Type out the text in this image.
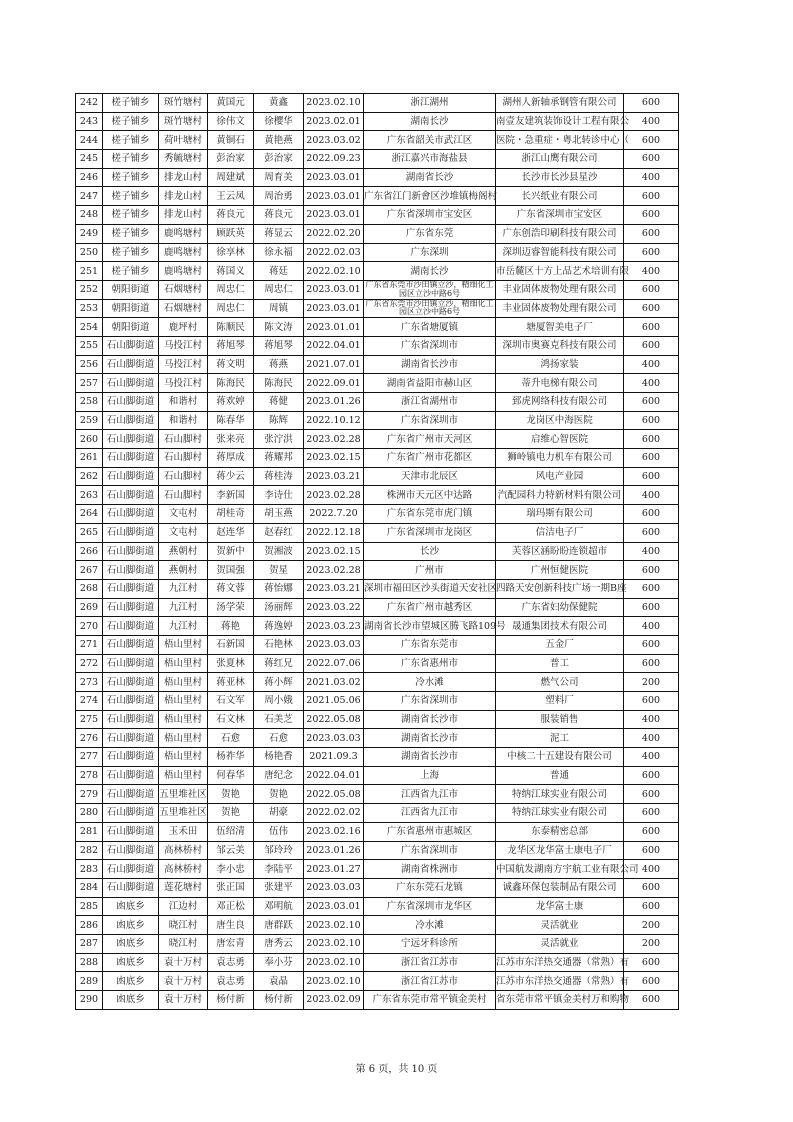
242	槎子铺乡	斑竹塘村	黄国元	黄鑫	2023.02.10	浙江湖州	湖州人新轴承钢管有限公司	600
243	槎子铺乡	斑竹塘村	徐伟文	徐樱华	2023.02.01	湖南长沙	南壹友建筑装饰设计工程有限公	400
244	槎子铺乡	荷叶塘村	黄铜石	黄艳燕	2023.03.02	广东省韶关市武江区	医院・急重症・粤北转诊中心（	600
245	槎子铺乡	秀毓塘村	彭治家	彭治家	2022.09.23	浙江嘉兴市海盐县	浙江山鹰有限公司	600
246	槎子铺乡	排龙山村	周建斌	周育美	2023.03.01	湖南省长沙	长沙市长沙县星沙	400
247	槎子铺乡	排龙山村	王云凤	周治勇	2023.03.01	广东省江门新會区沙堆镇梅阁村	长兴纸业有限公司	600
248	槎子铺乡	排龙山村	蒋良元	蒋良元	2023.03.01	广东省深圳市宝安区	广东省深圳市宝安区	600
249	槎子铺乡	鹿鸣塘村	顾跃英	蒋显云	2022.02.20	广东省东莞	广东创浩印刷科技有限公司	600
250	槎子铺乡	鹿鸣塘村	徐享林	徐永福	2022.02.03	广东深圳	深圳迈睿智能科技有限公司	600
251	槎子铺乡	鹿鸣塘村	蒋国义	蒋廷	2022.02.10	湖南长沙	市岳麓区十方上品艺术培训有限	400
252	朝阳街道	石烟塘村	周忠仁	周忠仁	2023.03.01	广东省东莞市沙田镇立沙，精细化工园区立沙中路6号	丰业固体废物处理有限公司	600
253	朝阳街道	石烟塘村	周忠仁	周镇	2023.03.01	广东省东莞市沙田镇立沙，精细化工园区立沙中路6号	丰业固体废物处理有限公司	600
254	朝阳街道	鹿坪村	陈顺民	陈文涛	2023.01.01	广东省塘厦镇	塘厦智美电子厂	600
255	石山脚街道	马投江村	蒋旭琴	蒋旭琴	2022.04.01	广东省深圳市	深圳市奥赛克科技有限公司	600
256	石山脚街道	马投江村	蒋文明	蒋燕	2021.07.01	湖南省长沙市	鸿扬家装	400
257	石山脚街道	马投江村	陈海民	陈海民	2022.09.01	湖南省益阳市赫山区	蒂升电梯有限公司	400
258	石山脚街道	和谐村	蒋欢婷	蒋健	2023.01.26	浙江省湖州市	郅虎网络科技有限公司	600
259	石山脚街道	和谐村	陈春华	陈辉	2022.10.12	广东省深圳市	龙岗区中海医院	600
260	石山脚街道	石山脚村	张来亮	张泞洪	2023.02.28	广东省广州市天河区	启维心智医院	600
261	石山脚街道	石山脚村	蒋厚成	蒋耀邦	2023.02.15	广东省广州市花都区	狮岭镇电力机车有限公司	600
262	石山脚街道	石山脚村	蒋少云	蒋桂涛	2023.03.21	天津市北辰区	风电产业园	600
263	石山脚街道	石山脚村	李新国	李诗仕	2023.02.28	株洲市天元区中达路	汽配园科力特新材料有限公司	400
264	石山脚街道	文屯村	胡桂奇	胡玉燕	2022.7.20	广东省东莞市虎门镇	瑞玛斯有限公司	600
265	石山脚街道	文屯村	赵连华	赵春红	2022.12.18	广东省深圳市龙岗区	信洁电子厂	600
266	石山脚街道	燕朝村	贺新中	贺湘波	2023.02.15	长沙	芙蓉区涵盼盼连锁超市	400
267	石山脚街道	燕朝村	贺国强	贺星	2023.02.28	广州市	广州恒健医院	600
268	石山脚街道	九江村	蒋文蓉	蒋怡娜	2023.03.21	深圳市福田区沙头街道天安社区	四路天安创新科技广场一期B座	600
269	石山脚街道	九江村	汤学荣	汤丽辉	2023.03.22	广东省广州市越秀区	广东省妇幼保健院	600
270	石山脚街道	九江村	蒋艳	蒋逸婷	2023.03.23	湖南省长沙市望城区腾飞路109号	晟通集团技术有限公司	400
271	石山脚街道	梧山里村	石新国	石艳林	2023.03.03	广东省东莞市	五金厂	600
272	石山脚街道	梧山里村	张夏林	蒋红兄	2022.07.06	广东省惠州市	普工	600
273	石山脚街道	梧山里村	蒋亚林	蒋小辉	2021.03.02	冷水滩	燃气公司	200
274	石山脚街道	梧山里村	石文军	周小娥	2021.05.06	广东省深圳市	塑料厂	600
275	石山脚街道	梧山里村	石文林	石美芝	2022.05.08	湖南省长沙市	服装销售	400
276	石山脚街道	梧山里村	石愈	石愈	2023.03.03	湖南省长沙市	泥工	400
277	石山脚街道	梧山里村	杨祚华	杨艳香	2021.09.3	湖南省长沙市	中核二十五建设有限公司	400
278	石山脚街道	梧山里村	何春华	唐纪念	2022.04.01	上海	普通	600
279	石山脚街道	五里堆社区	贺艳	贺艳	2022.05.08	江西省九江市	特纳江球实业有限公司	600
280	石山脚街道	五里堆社区	贺艳	胡豪	2022.02.02	江西省九江市	特纳江球实业有限公司	600
281	石山脚街道	玉禾田	伍绍清	伍伟	2023.02.16	广东省惠州市惠城区	东泰精密总部	600
282	石山脚街道	高林桥村	邹云美	邹玲玲	2023.01.26	广东省深圳市	龙华区龙华富士康电子厂	600
283	石山脚街道	高林桥村	李小忠	李陆平	2023.01.27	湖南省株洲市	中国航发湖南方宇航工业有限公司	400
284	石山脚街道	莲花塘村	张正国	张建平	2023.03.03	广东东莞石龙镇	诚鑫环保包装制品有限公司	600
285	凼底乡	江边村	邓正松	邓明航	2023.03.01	广东省深圳市龙华区	龙华富士康	600
286	凼底乡	晓江村	唐生良	唐群跃	2023.02.10	冷水滩	灵活就业	200
287	凼底乡	晓江村	唐宏青	唐秀云	2023.02.10	宁远牙科诊所	灵活就业	200
288	凼底乡	袁十万村	袁志勇	奉小芬	2023.02.10	浙江省江苏市	江苏市东洋热交通器（常熟）有	600
289	凼底乡	袁十万村	袁志勇	袁晶	2023.02.10	浙江省江苏市	江苏市东洋热交通器（常熟）有	600
290	凼底乡	袁十万村	杨付新	杨付新	2023.02.09	广东省东莞市常平镇金美村	省东莞市常平镇金美村万和购物	600
第 6 页，共 10 页
